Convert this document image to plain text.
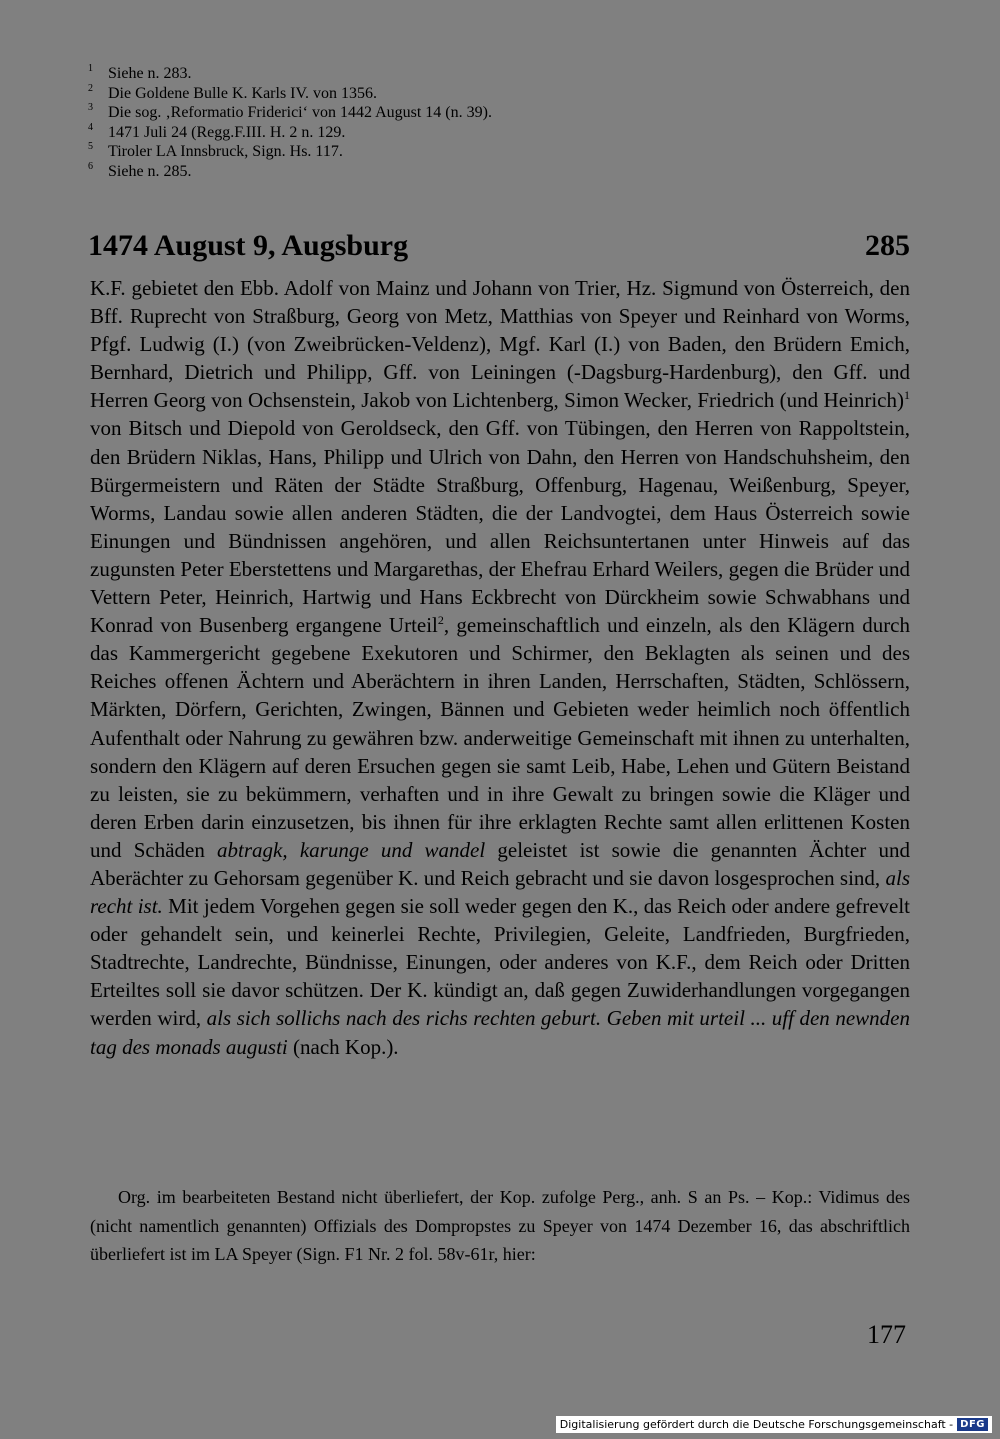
1 Siehe n. 283.
2 Die Goldene Bulle K. Karls IV. von 1356.
3 Die sog. ‚Reformatio Friderici‘ von 1442 August 14 (n. 39).
4 1471 Juli 24 (Regg.F.III. H. 2 n. 129.
5 Tiroler LA Innsbruck, Sign. Hs. 117.
6 Siehe n. 285.
1474 August 9, Augsburg	285
K.F. gebietet den Ebb. Adolf von Mainz und Johann von Trier, Hz. Sigmund von Österreich, den Bff. Ruprecht von Straßburg, Georg von Metz, Matthias von Speyer und Reinhard von Worms, Pfgf. Ludwig (I.) (von Zweibrücken-Veldenz), Mgf. Karl (I.) von Baden, den Brüdern Emich, Bernhard, Dietrich und Philipp, Gff. von Leiningen (-Dagsburg-Hardenburg), den Gff. und Herren Georg von Ochsenstein, Jakob von Lichtenberg, Simon Wecker, Friedrich (und Heinrich)$^1$ von Bitsch und Diepold von Geroldseck, den Gff. von Tübingen, den Herren von Rappoltstein, den Brüdern Niklas, Hans, Philipp und Ulrich von Dahn, den Herren von Handschuhsheim, den Bürgermeistern und Räten der Städte Straßburg, Offenburg, Hagenau, Weißenburg, Speyer, Worms, Landau sowie allen anderen Städten, die der Landvogtei, dem Haus Österreich sowie Einungen und Bündnissen angehören, und allen Reichsuntertanen unter Hinweis auf das zugunsten Peter Eberstettens und Margarethas, der Ehefrau Erhard Weilers, gegen die Brüder und Vettern Peter, Heinrich, Hartwig und Hans Eckbrecht von Dürckheim sowie Schwabhans und Konrad von Busenberg ergangene Urteil$^2$, gemeinschaftlich und einzeln, als den Klägern durch das Kammergericht gegebene Exekutoren und Schirmer, den Beklagten als seinen und des Reiches offenen Ächtern und Aberächtern in ihren Landen, Herrschaften, Städten, Schlössern, Märkten, Dörfern, Gerichten, Zwingen, Bännen und Gebieten weder heimlich noch öffentlich Aufenthalt oder Nahrung zu gewähren bzw. anderweitige Gemeinschaft mit ihnen zu unterhalten, sondern den Klägern auf deren Ersuchen gegen sie samt Leib, Habe, Lehen und Gütern Beistand zu leisten, sie zu bekümmern, verhaften und in ihre Gewalt zu bringen sowie die Kläger und deren Erben darin einzusetzen, bis ihnen für ihre erklagten Rechte samt allen erlittenen Kosten und Schäden abtragk, karunge und wandel geleistet ist sowie die genannten Ächter und Aberächter zu Gehorsam gegenüber K. und Reich gebracht und sie davon losgesprochen sind, als recht ist. Mit jedem Vorgehen gegen sie soll weder gegen den K., das Reich oder andere gefrevelt oder gehandelt sein, und keinerlei Rechte, Privilegien, Geleite, Landfrieden, Burgfrieden, Stadtrechte, Landrechte, Bündnisse, Einungen, oder anderes von K.F., dem Reich oder Dritten Erteiltes soll sie davor schützen. Der K. kündigt an, daß gegen Zuwiderhandlungen vorgegangen werden wird, als sich sollichs nach des richs rechten geburt. Geben mit urteil ... uff den newnden tag des monads augusti (nach Kop.).
Org. im bearbeiteten Bestand nicht überliefert, der Kop. zufolge Perg., anh. S an Ps. – Kop.: Vidimus des (nicht namentlich genannten) Offizials des Dompropstes zu Speyer von 1474 Dezember 16, das abschriftlich überliefert ist im LA Speyer (Sign. F1 Nr. 2 fol. 58v-61r, hier:
177
Digitalisierung gefördert durch die Deutsche Forschungsgemeinschaft - DFG
